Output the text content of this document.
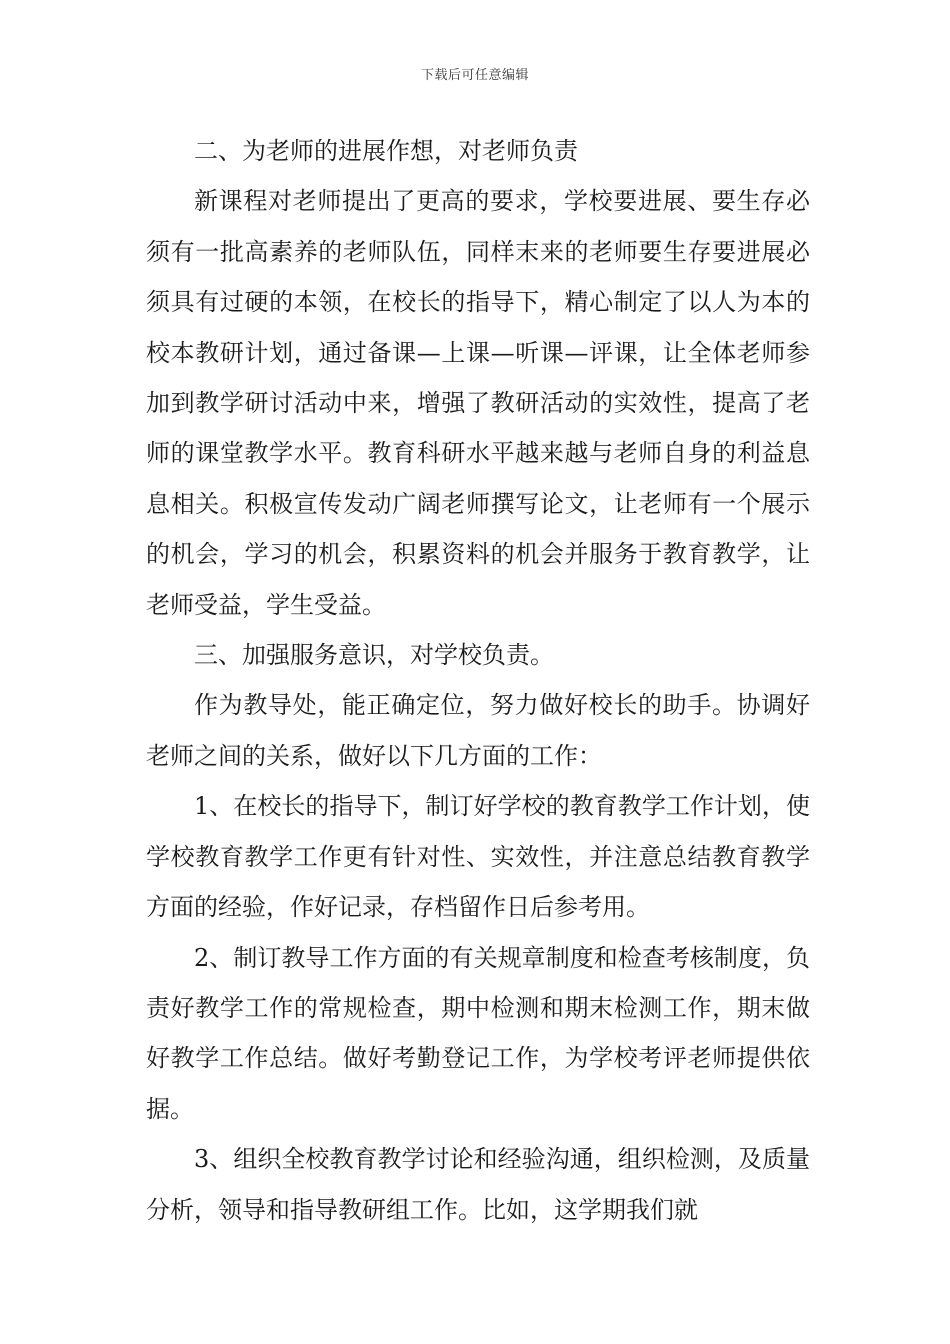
下载后可任意编辑

二、为老师的进展作想，对老师负责

新课程对老师提出了更高的要求，学校要进展、要生存必须有一批高素养的老师队伍，同样末来的老师要生存要进展必须具有过硬的本领，在校长的指导下，精心制定了以人为本的校本教研计划，通过备课—上课—听课—评课，让全体老师参加到教学研讨活动中来，增强了教研活动的实效性，提高了老师的课堂教学水平。教育科研水平越来越与老师自身的利益息息相关。积极宣传发动广阔老师撰写论文，让老师有一个展示的机会，学习的机会，积累资料的机会并服务于教育教学，让老师受益，学生受益。

三、加强服务意识，对学校负责。

作为教导处，能正确定位，努力做好校长的助手。协调好老师之间的关系，做好以下几方面的工作：

1、在校长的指导下，制订好学校的教育教学工作计划，使学校教育教学工作更有针对性、实效性，并注意总结教育教学方面的经验，作好记录，存档留作日后参考用。

2、制订教导工作方面的有关规章制度和检查考核制度，负责好教学工作的常规检查，期中检测和期末检测工作，期末做好教学工作总结。做好考勤登记工作，为学校考评老师提供依据。

3、组织全校教育教学讨论和经验沟通，组织检测，及质量分析，领导和指导教研组工作。比如，这学期我们就
